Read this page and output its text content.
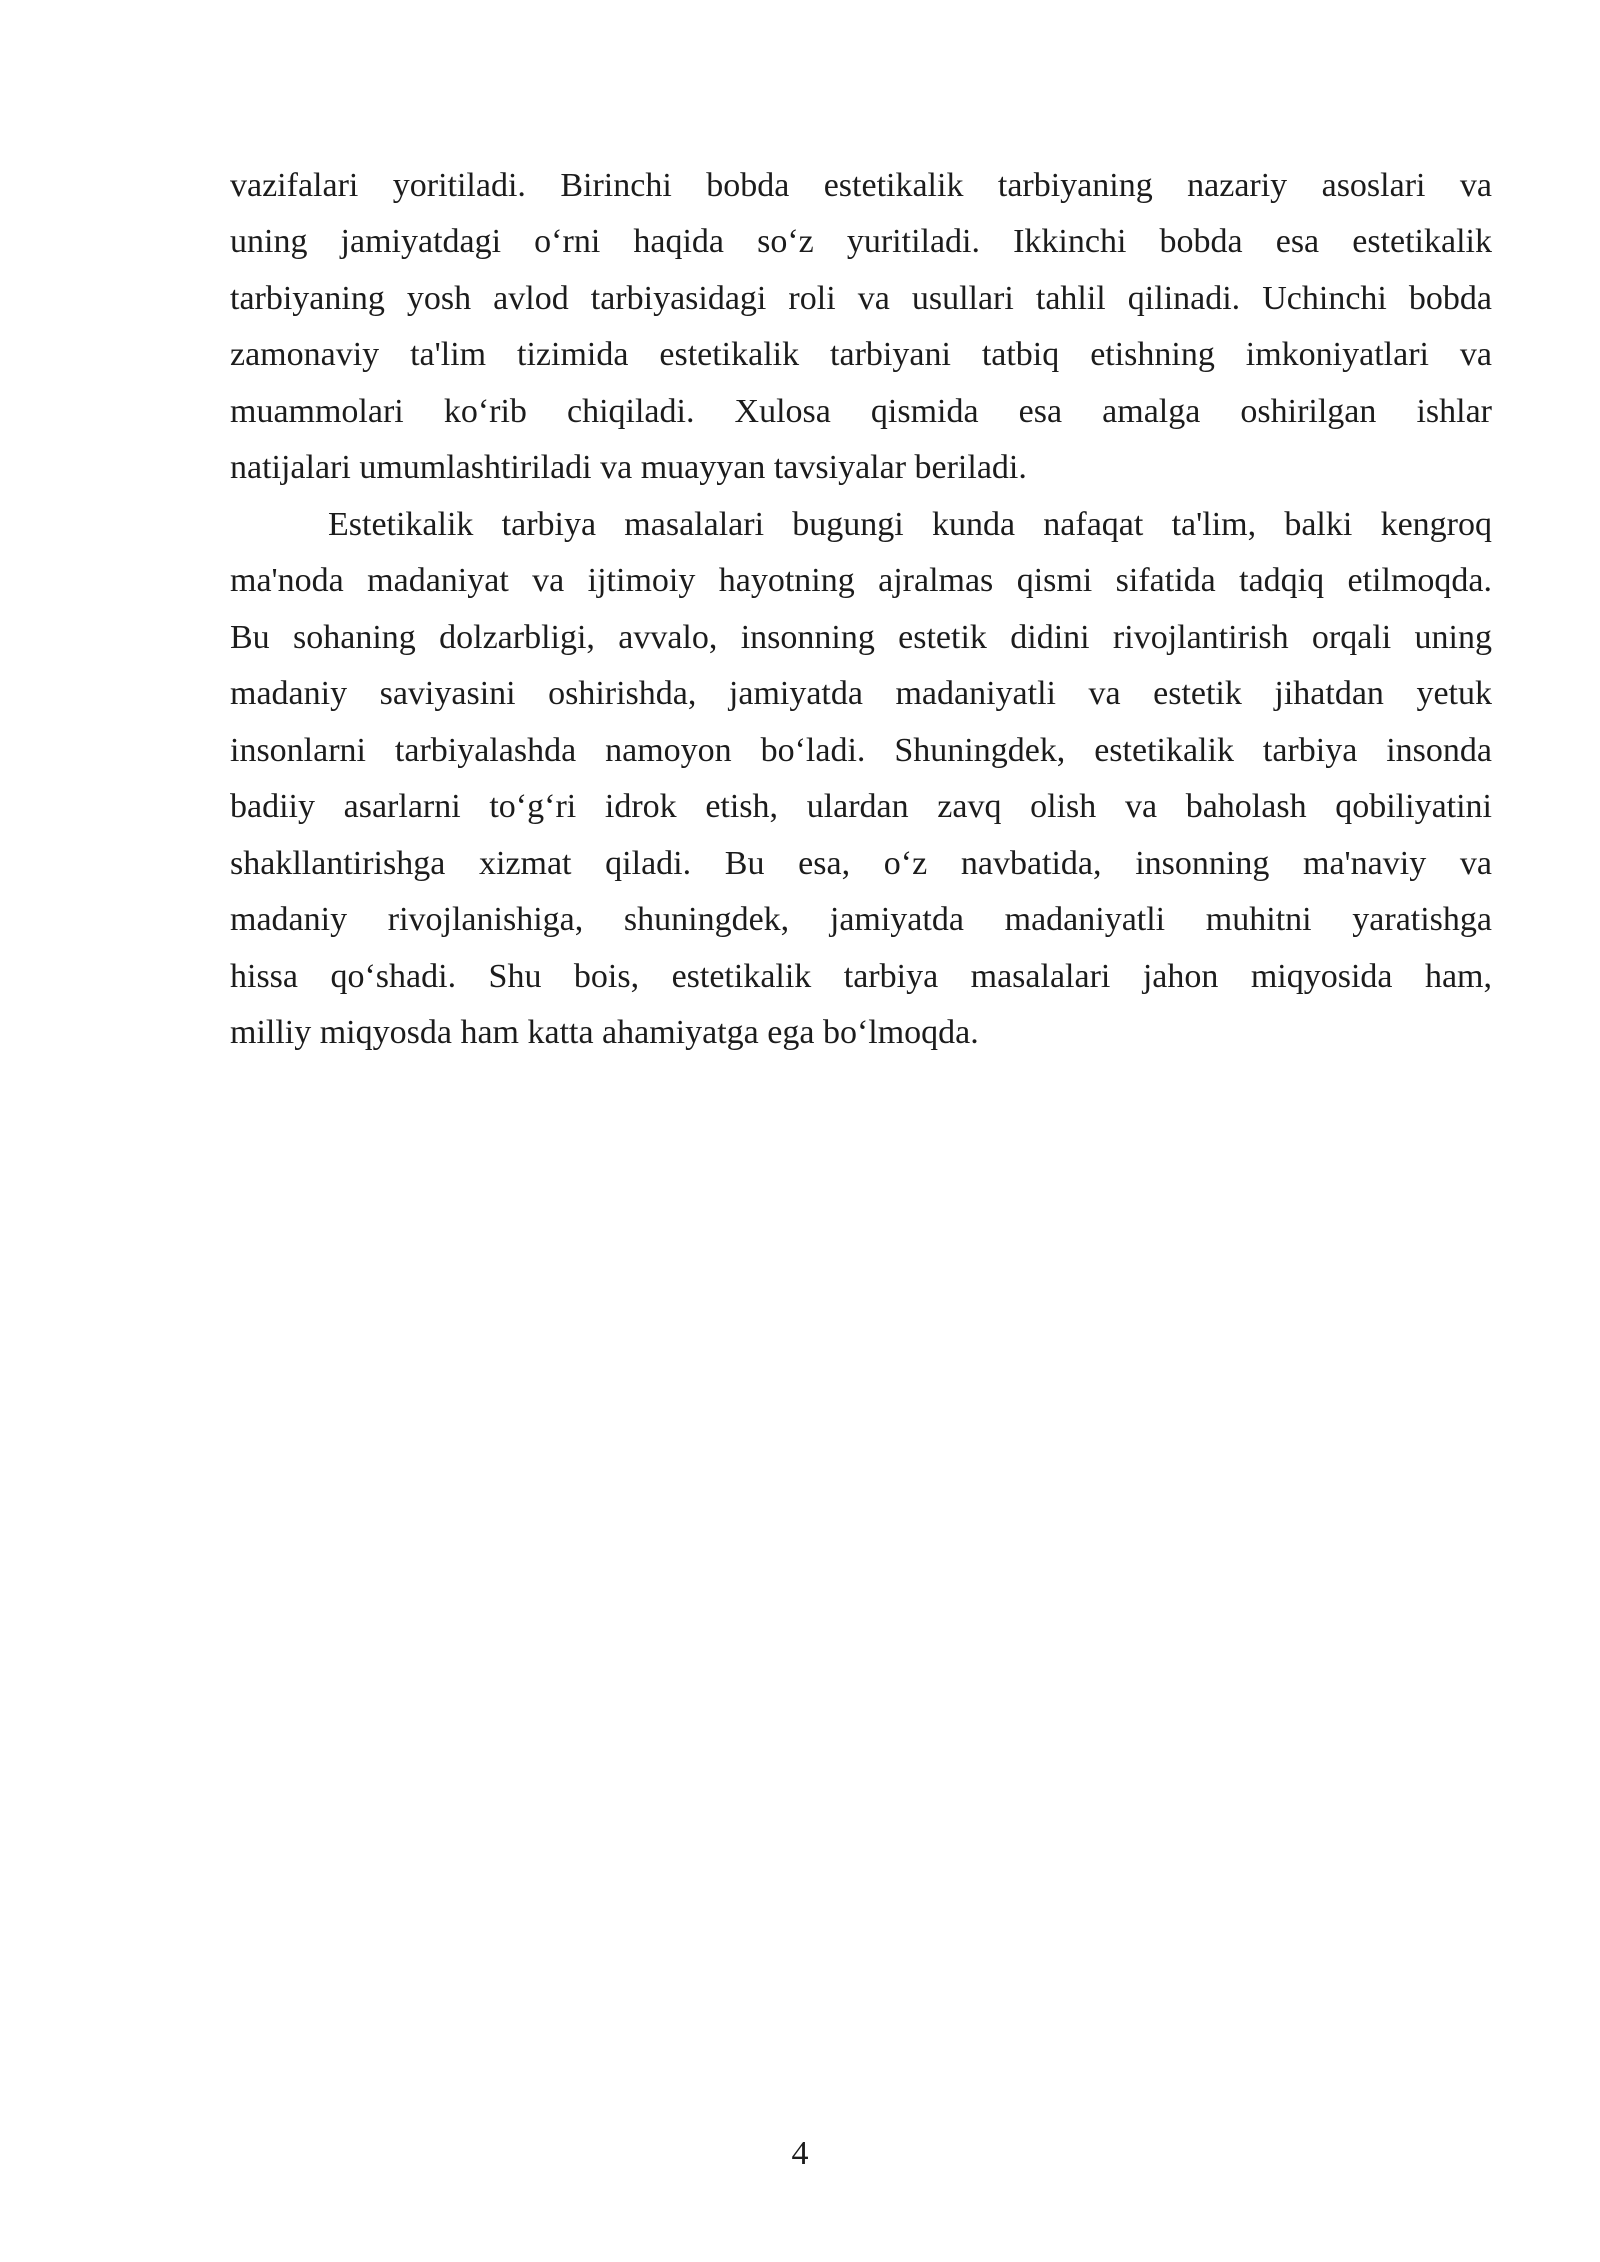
vazifalari yoritiladi. Birinchi bobda estetikalik tarbiyaning nazariy asoslari va
uning jamiyatdagi o‘rni haqida so‘z yuritiladi. Ikkinchi bobda esa estetikalik
tarbiyaning yosh avlod tarbiyasidagi roli va usullari tahlil qilinadi. Uchinchi bobda
zamonaviy ta'lim tizimida estetikalik tarbiyani tatbiq etishning imkoniyatlari va
muammolari ko‘rib chiqiladi. Xulosa qismida esa amalga oshirilgan ishlar
natijalari umumlashtiriladi va muayyan tavsiyalar beriladi.
Estetikalik tarbiya masalalari bugungi kunda nafaqat ta'lim, balki kengroq
ma'noda madaniyat va ijtimoiy hayotning ajralmas qismi sifatida tadqiq etilmoqda.
Bu sohaning dolzarbligi, avvalo, insonning estetik didini rivojlantirish orqali uning
madaniy saviyasini oshirishda, jamiyatda madaniyatli va estetik jihatdan yetuk
insonlarni tarbiyalashda namoyon bo‘ladi. Shuningdek, estetikalik tarbiya insonda
badiiy asarlarni to‘g‘ri idrok etish, ulardan zavq olish va baholash qobiliyatini
shakllantirishga xizmat qiladi. Bu esa, o‘z navbatida, insonning ma'naviy va
madaniy rivojlanishiga, shuningdek, jamiyatda madaniyatli muhitni yaratishga
hissa qo‘shadi. Shu bois, estetikalik tarbiya masalalari jahon miqyosida ham,
milliy miqyosda ham katta ahamiyatga ega bo‘lmoqda.
4
